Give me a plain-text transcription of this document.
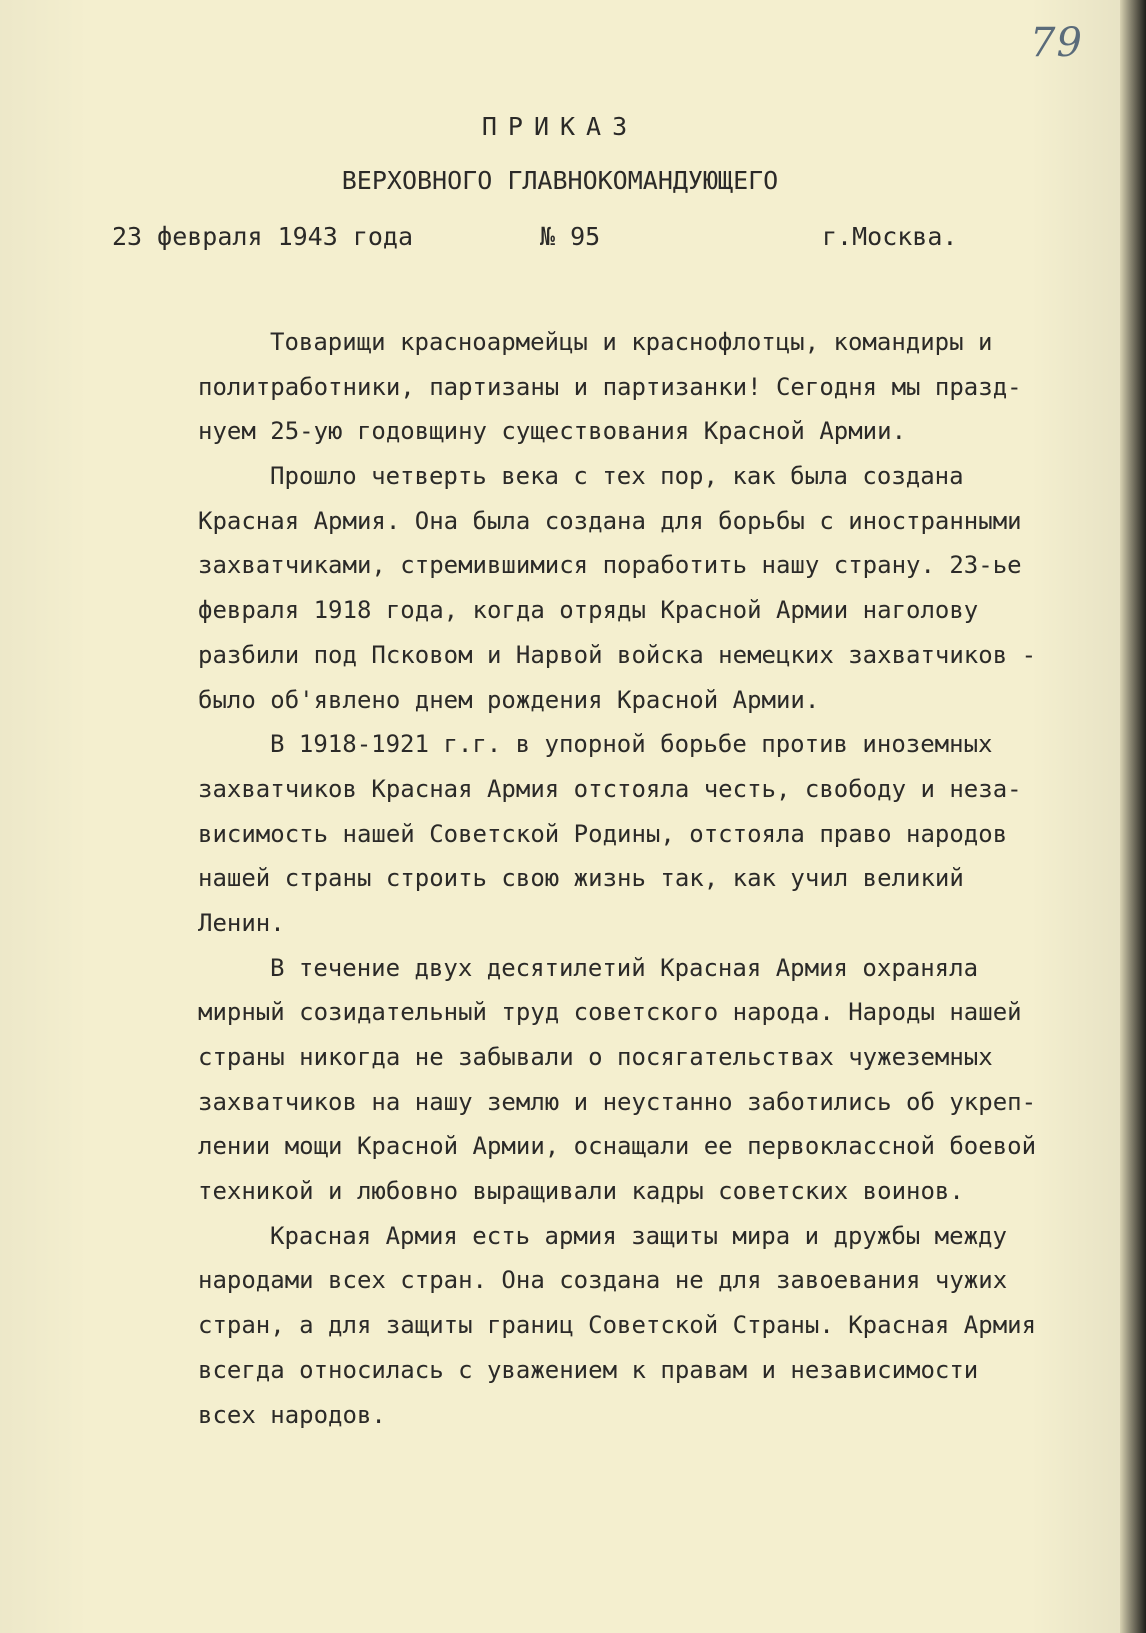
79
ПРИКАЗ
ВЕРХОВНОГО ГЛАВНОКОМАНДУЮЩЕГО
23 февраля 1943 года	№ 95	г.Москва.
Товарищи красноармейцы и краснофлотцы, командиры и
политработники, партизаны и партизанки! Сегодня мы празд-
нуем 25-ую годовщину существования Красной Армии.
Прошло четверть века с тех пор, как была создана
Красная Армия. Она была создана для борьбы с иностранными
захватчиками, стремившимися поработить нашу страну. 23-ье
февраля 1918 года, когда отряды Красной Армии наголову
разбили под Псковом и Нарвой войска немецких захватчиков -
было об'явлено днем рождения Красной Армии.
В 1918-1921 г.г. в упорной борьбе против иноземных
захватчиков Красная Армия отстояла честь, свободу и неза-
висимость нашей Советской Родины, отстояла право народов
нашей страны строить свою жизнь так, как учил великий
Ленин.
В течение двух десятилетий Красная Армия охраняла
мирный созидательный труд советского народа. Народы нашей
страны никогда не забывали о посягательствах чужеземных
захватчиков на нашу землю и неустанно заботились об укреп-
лении мощи Красной Армии, оснащали ее первоклассной боевой
техникой и любовно выращивали кадры советских воинов.
Красная Армия есть армия защиты мира и дружбы между
народами всех стран. Она создана не для завоевания чужих
стран, а для защиты границ Советской Страны. Красная Армия
всегда относилась с уважением к правам и независимости
всех народов.
